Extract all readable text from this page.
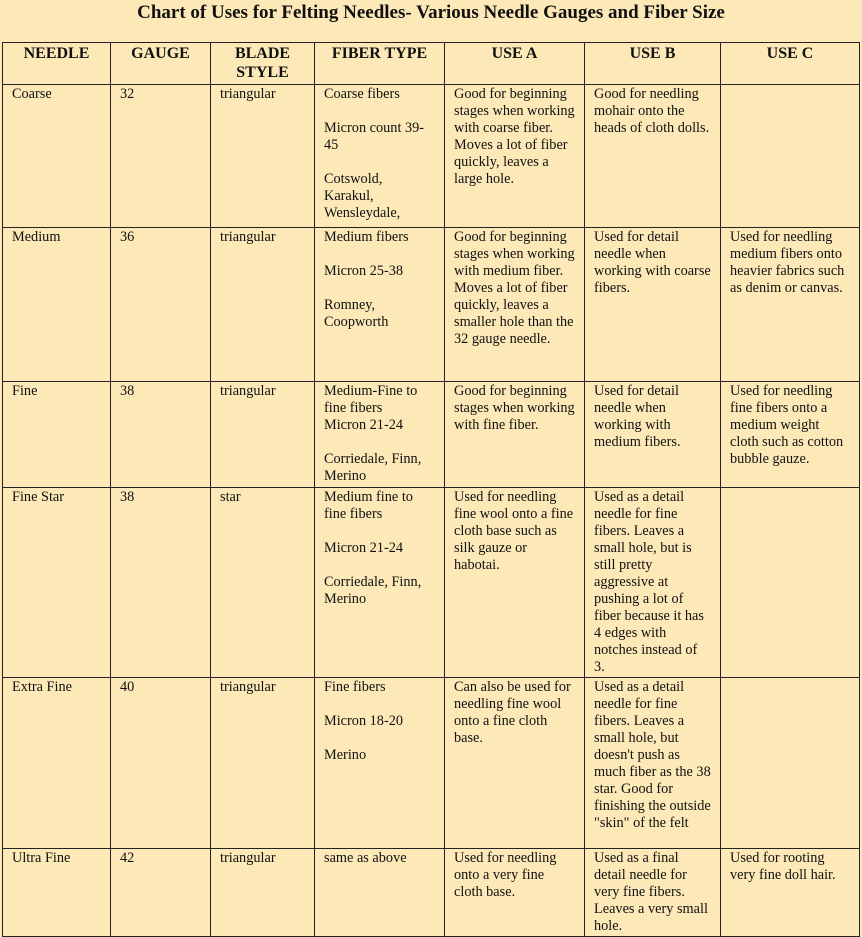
Chart of Uses for Felting Needles- Various Needle Gauges and Fiber Size
NEEDLE	GAUGE	BLADE STYLE	FIBER TYPE	USE A	USE B	USE C
Coarse	32	triangular	Coarse fibers

Micron count 39-45

Cotswold, Karakul, Wensleydale,	Good for beginning stages when working with coarse fiber. Moves a lot of fiber quickly, leaves a large hole.	Good for needling mohair onto the heads of cloth dolls.	
Medium	36	triangular	Medium fibers

Micron 25-38

Romney, Coopworth	Good for beginning stages when working with medium fiber. Moves a lot of fiber quickly, leaves a smaller hole than the 32 gauge needle.	Used for detail needle when working with coarse fibers.	Used for needling medium fibers onto heavier fabrics such as denim or canvas.
Fine	38	triangular	Medium-Fine to fine fibers
Micron 21-24

Corriedale, Finn, Merino	Good for beginning stages when working with fine fiber.	Used for detail needle when working with medium fibers.	Used for needling fine fibers onto a medium weight cloth such as cotton bubble gauze.
Fine Star	38	star	Medium fine to fine fibers

Micron 21-24

Corriedale, Finn, Merino	Used for needling fine wool onto a fine cloth base such as silk gauze or habotai.	Used as a detail needle for fine fibers. Leaves a small hole, but is still pretty aggressive at pushing a lot of fiber because it has 4 edges with notches instead of 3.	
Extra Fine	40	triangular	Fine fibers

Micron 18-20

Merino	Can also be used for needling fine wool onto a fine cloth base.	Used as a detail needle for fine fibers. Leaves a small hole, but doesn't push as much fiber as the 38 star. Good for finishing the outside "skin" of the felt	
Ultra Fine	42	triangular	same as above	Used for needling onto a very fine cloth base.	Used as a final detail needle for very fine fibers. Leaves a very small hole.	Used for rooting very fine doll hair.
